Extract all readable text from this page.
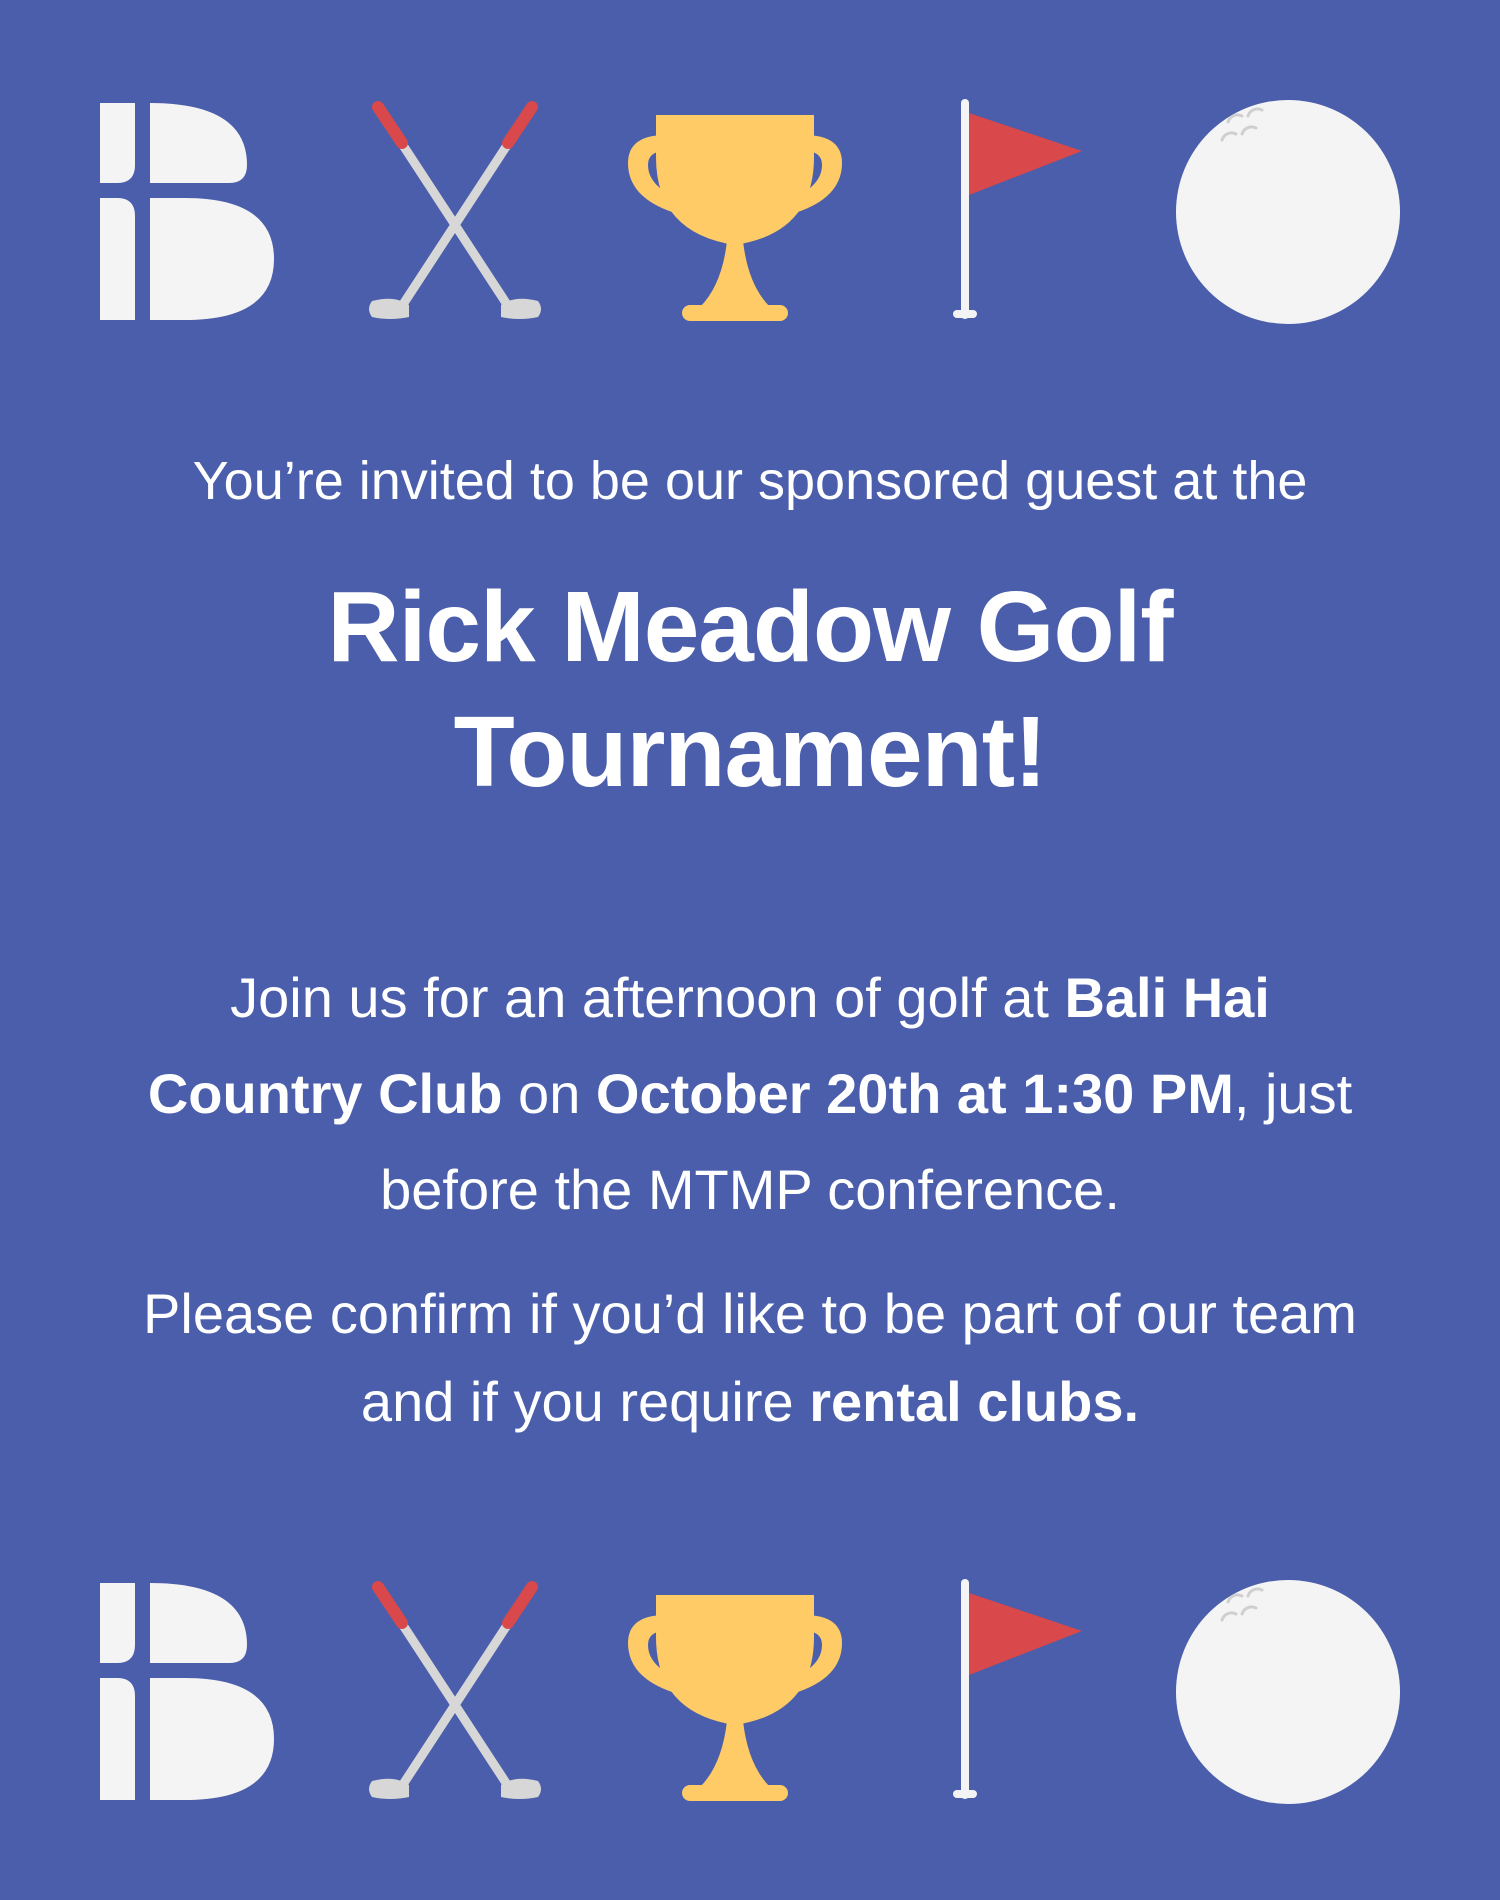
You’re invited to be our sponsored guest at the
Rick Meadow Golf
Tournament!
Join us for an afternoon of golf at Bali Hai Country Club on October 20th at 1:30 PM, just before the MTMP conference.
Please confirm if you’d like to be part of our team and if you require rental clubs.
